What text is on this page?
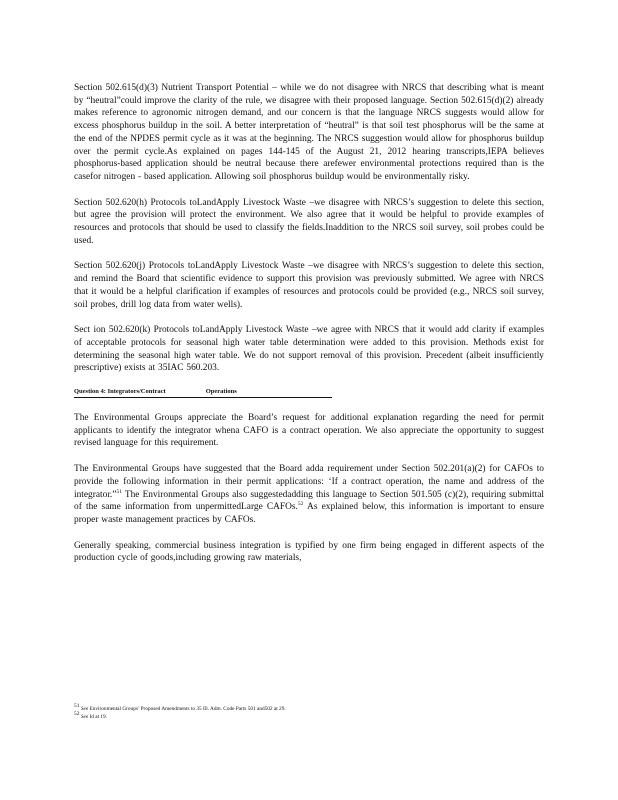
Section 502.615(d)(3) Nutrient Transport Potential – while we do not disagree with NRCS that describing what is meant by “heutral”could improve the clarity of the rule, we disagree with their proposed language. Section 502.615(d)(2) already makes reference to agronomic nitrogen demand, and our concern is that the language NRCS suggests would allow for excess phosphorus buildup in the soil. A better interpretation of “heutral” is that soil test phosphorus will be the same at the end of the NPDES permit cycle as it was at the beginning. The NRCS suggestion would allow for phosphorus buildup over the permit cycle.As explained on pages 144-145 of the August 21, 2012 hearing transcripts,IEPA believes phosphorus-based application should be neutral because there arefewer environmental protections required than is the casefor nitrogen - based application. Allowing soil phosphorus buildup would be environmentally risky.

Section 502.620(h) Protocols toLandApply Livestock Waste –we disagree with NRCS’s suggestion to delete this section, but agree the provision will protect the environment. We also agree that it would be helpful to provide examples of resources and protocols that should be used to classify the fields.Inaddition to the NRCS soil survey, soil probes could be used.

Section 502.620(j) Protocols toLandApply Livestock Waste –we disagree with NRCS’s suggestion to delete this section, and remind the Board that scientific evidence to support this provision was previously submitted. We agree with NRCS that it would be a helpful clarification if examples of resources and protocols could be provided (e.g., NRCS soil survey, soil probes, drill log data from water wells).

Sect ion 502.620(k) Protocols toLandApply Livestock Waste –we agree with NRCS that it would add clarity if examples of acceptable protocols for seasonal high water table determination were added to this provision. Methods exist for determining the seasonal high water table. We do not support removal of this provision. Precedent (albeit insufficiently prescriptive) exists at 35IAC 560.203.

Question 4: Integrators/Contract	Operations

The Environmental Groups appreciate the Board’s request for additional explanation regarding the need for permit applicants to identify the integrator whena CAFO is a contract operation. We also appreciate the opportunity to suggest revised language for this requirement.

The Environmental Groups have suggested that the Board adda requirement under Section 502.201(a)(2) for CAFOs to provide the following information in their permit applications: ‘If a contract operation, the name and address of the integrator.”$^{51}$ The Environmental Groups also suggestedadding this language to Section 501.505 (c)(2), requiring submittal of the same information from unpermittedLarge CAFOs.$^{52}$ As explained below, this information is important to ensure proper waste management practices by CAFOs.

Generally speaking, commercial business integration is typified by one firm being engaged in different aspects of the production cycle of goods,including growing raw materials,

$^{51}$ See Environmental Groups’ Proposed Amendments to 35 Ill. Adm. Code Parts 501 and502 at 29.
$^{52}$ See Id at 19.
